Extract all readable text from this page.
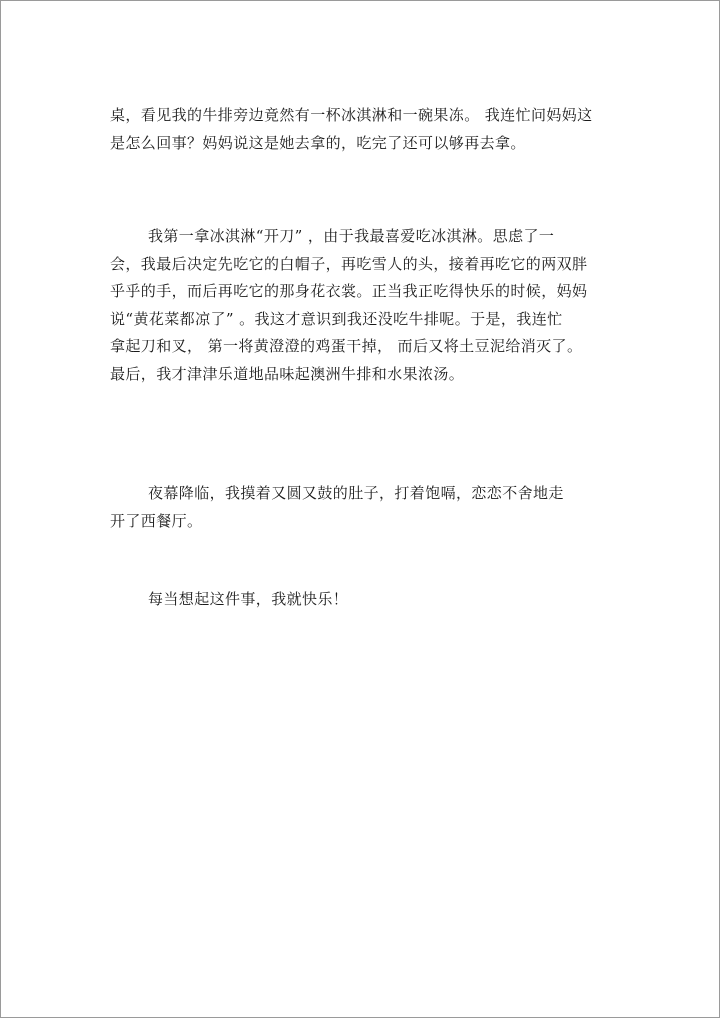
桌，看见我的牛排旁边竟然有一杯冰淇淋和一碗果冻。 我连忙问妈妈这
是怎么回事？妈妈说这是她去拿的，吃完了还可以够再去拿。

我第一拿冰淇淋“开刀” ，由于我最喜爱吃冰淇淋。思虑了一
会，我最后决定先吃它的白帽子，再吃雪人的头，接着再吃它的两双胖
乎乎的手，而后再吃它的那身花衣裳。正当我正吃得快乐的时候，妈妈
说“黄花菜都凉了” 。我这才意识到我还没吃牛排呢。于是，我连忙
拿起刀和叉， 第一将黄澄澄的鸡蛋干掉， 而后又将土豆泥给消灭了。
最后，我才津津乐道地品味起澳洲牛排和水果浓汤。

夜幕降临，我摸着又圆又鼓的肚子，打着饱嗝，恋恋不舍地走
开了西餐厅。

每当想起这件事，我就快乐！
